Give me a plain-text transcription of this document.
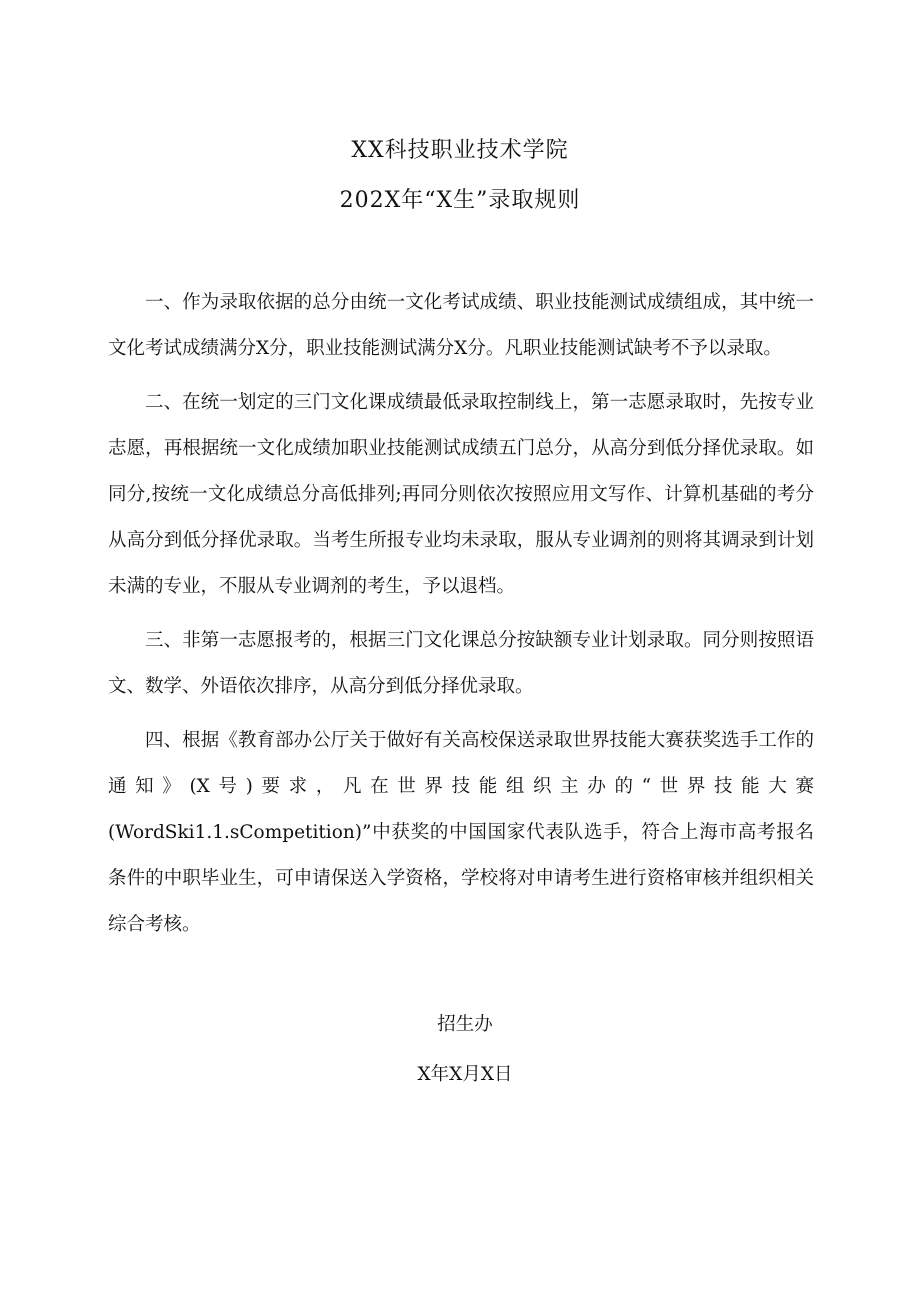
XX科技职业技术学院
202X年“X生”录取规则

一、作为录取依据的总分由统一文化考试成绩、职业技能测试成绩组成，其中统一文化考试成绩满分X分，职业技能测试满分X分。凡职业技能测试缺考不予以录取。

二、在统一划定的三门文化课成绩最低录取控制线上，第一志愿录取时，先按专业志愿，再根据统一文化成绩加职业技能测试成绩五门总分，从高分到低分择优录取。如同分,按统一文化成绩总分高低排列;再同分则依次按照应用文写作、计算机基础的考分从高分到低分择优录取。当考生所报专业均未录取，服从专业调剂的则将其调录到计划未满的专业，不服从专业调剂的考生，予以退档。

三、非第一志愿报考的，根据三门文化课总分按缺额专业计划录取。同分则按照语文、数学、外语依次排序，从高分到低分择优录取。

四、根据《教育部办公厅关于做好有关高校保送录取世界技能大赛获奖选手工作的通知》(X号)要求，凡在世界技能组织主办的“世界技能大赛(WordSki1.1.sCompetition)”中获奖的中国国家代表队选手，符合上海市高考报名条件的中职毕业生，可申请保送入学资格，学校将对申请考生进行资格审核并组织相关综合考核。

招生办
X年X月X日
